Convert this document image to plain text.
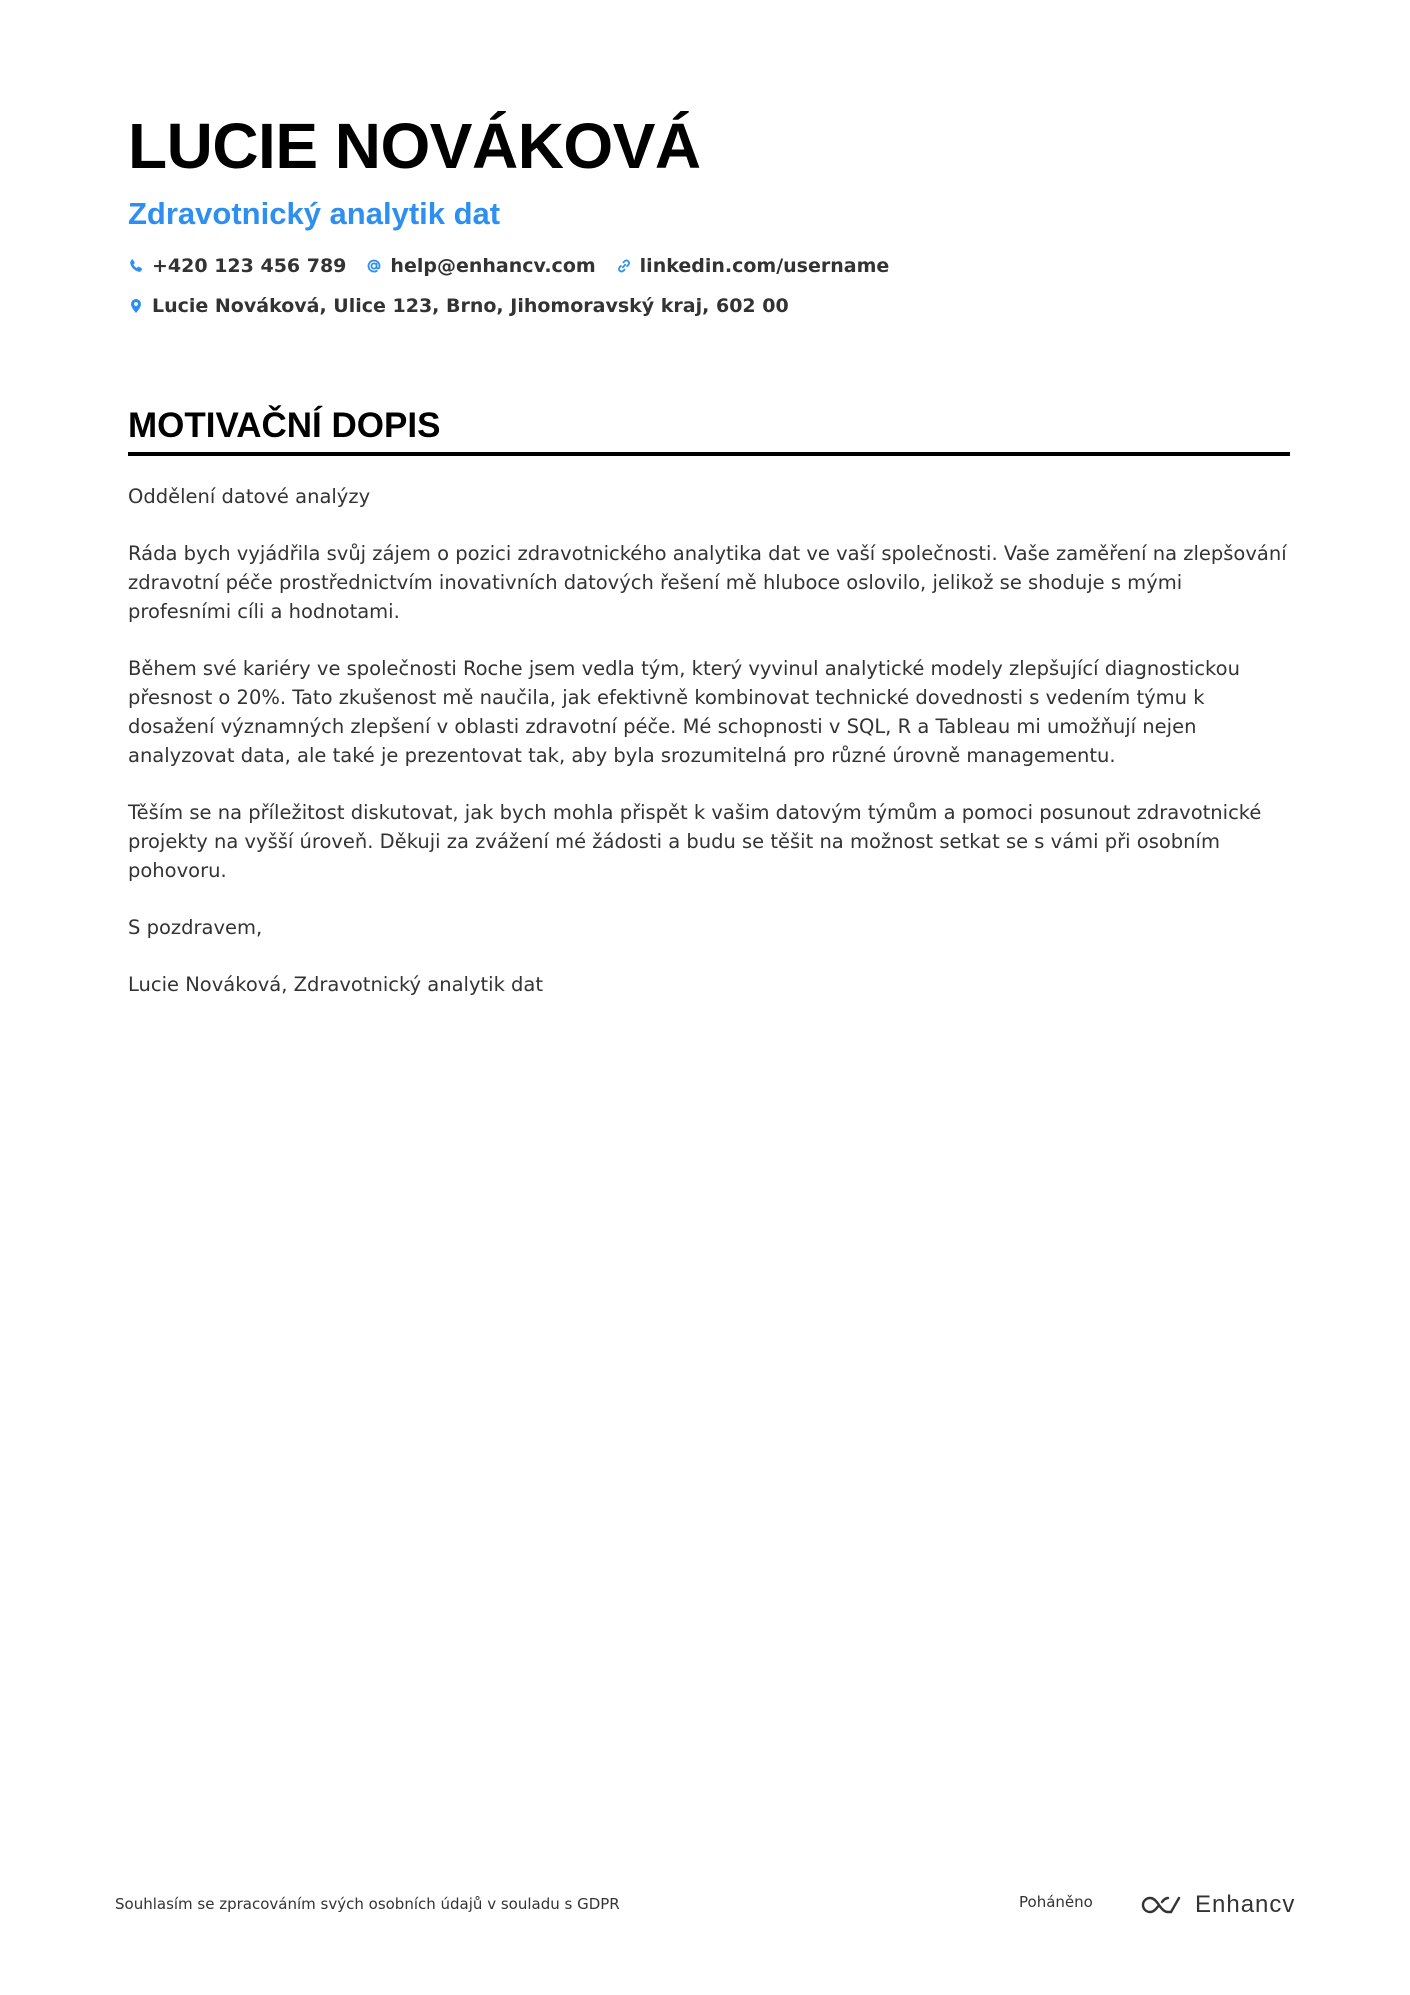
LUCIE NOVÁKOVÁ
Zdravotnický analytik dat
+420 123 456 789 help@enhancv.com linkedin.com/username
Lucie Nováková, Ulice 123, Brno, Jihomoravský kraj, 602 00
MOTIVAČNÍ DOPIS

Oddělení datové analýzy

Ráda bych vyjádřila svůj zájem o pozici zdravotnického analytika dat ve vaší společnosti. Vaše zaměření na zlepšování zdravotní péče prostřednictvím inovativních datových řešení mě hluboce oslovilo, jelikož se shoduje s mými profesními cíli a hodnotami.

Během své kariéry ve společnosti Roche jsem vedla tým, který vyvinul analytické modely zlepšující diagnostickou přesnost o 20%. Tato zkušenost mě naučila, jak efektivně kombinovat technické dovednosti s vedením týmu k dosažení významných zlepšení v oblasti zdravotní péče. Mé schopnosti v SQL, R a Tableau mi umožňují nejen analyzovat data, ale také je prezentovat tak, aby byla srozumitelná pro různé úrovně managementu.

Těším se na příležitost diskutovat, jak bych mohla přispět k vašim datovým týmům a pomoci posunout zdravotnické projekty na vyšší úroveň. Děkuji za zvážení mé žádosti a budu se těšit na možnost setkat se s vámi při osobním pohovoru.

S pozdravem,

Lucie Nováková, Zdravotnický analytik dat

Souhlasím se zpracováním svých osobních údajů v souladu s GDPR	Poháněno	Enhancv
